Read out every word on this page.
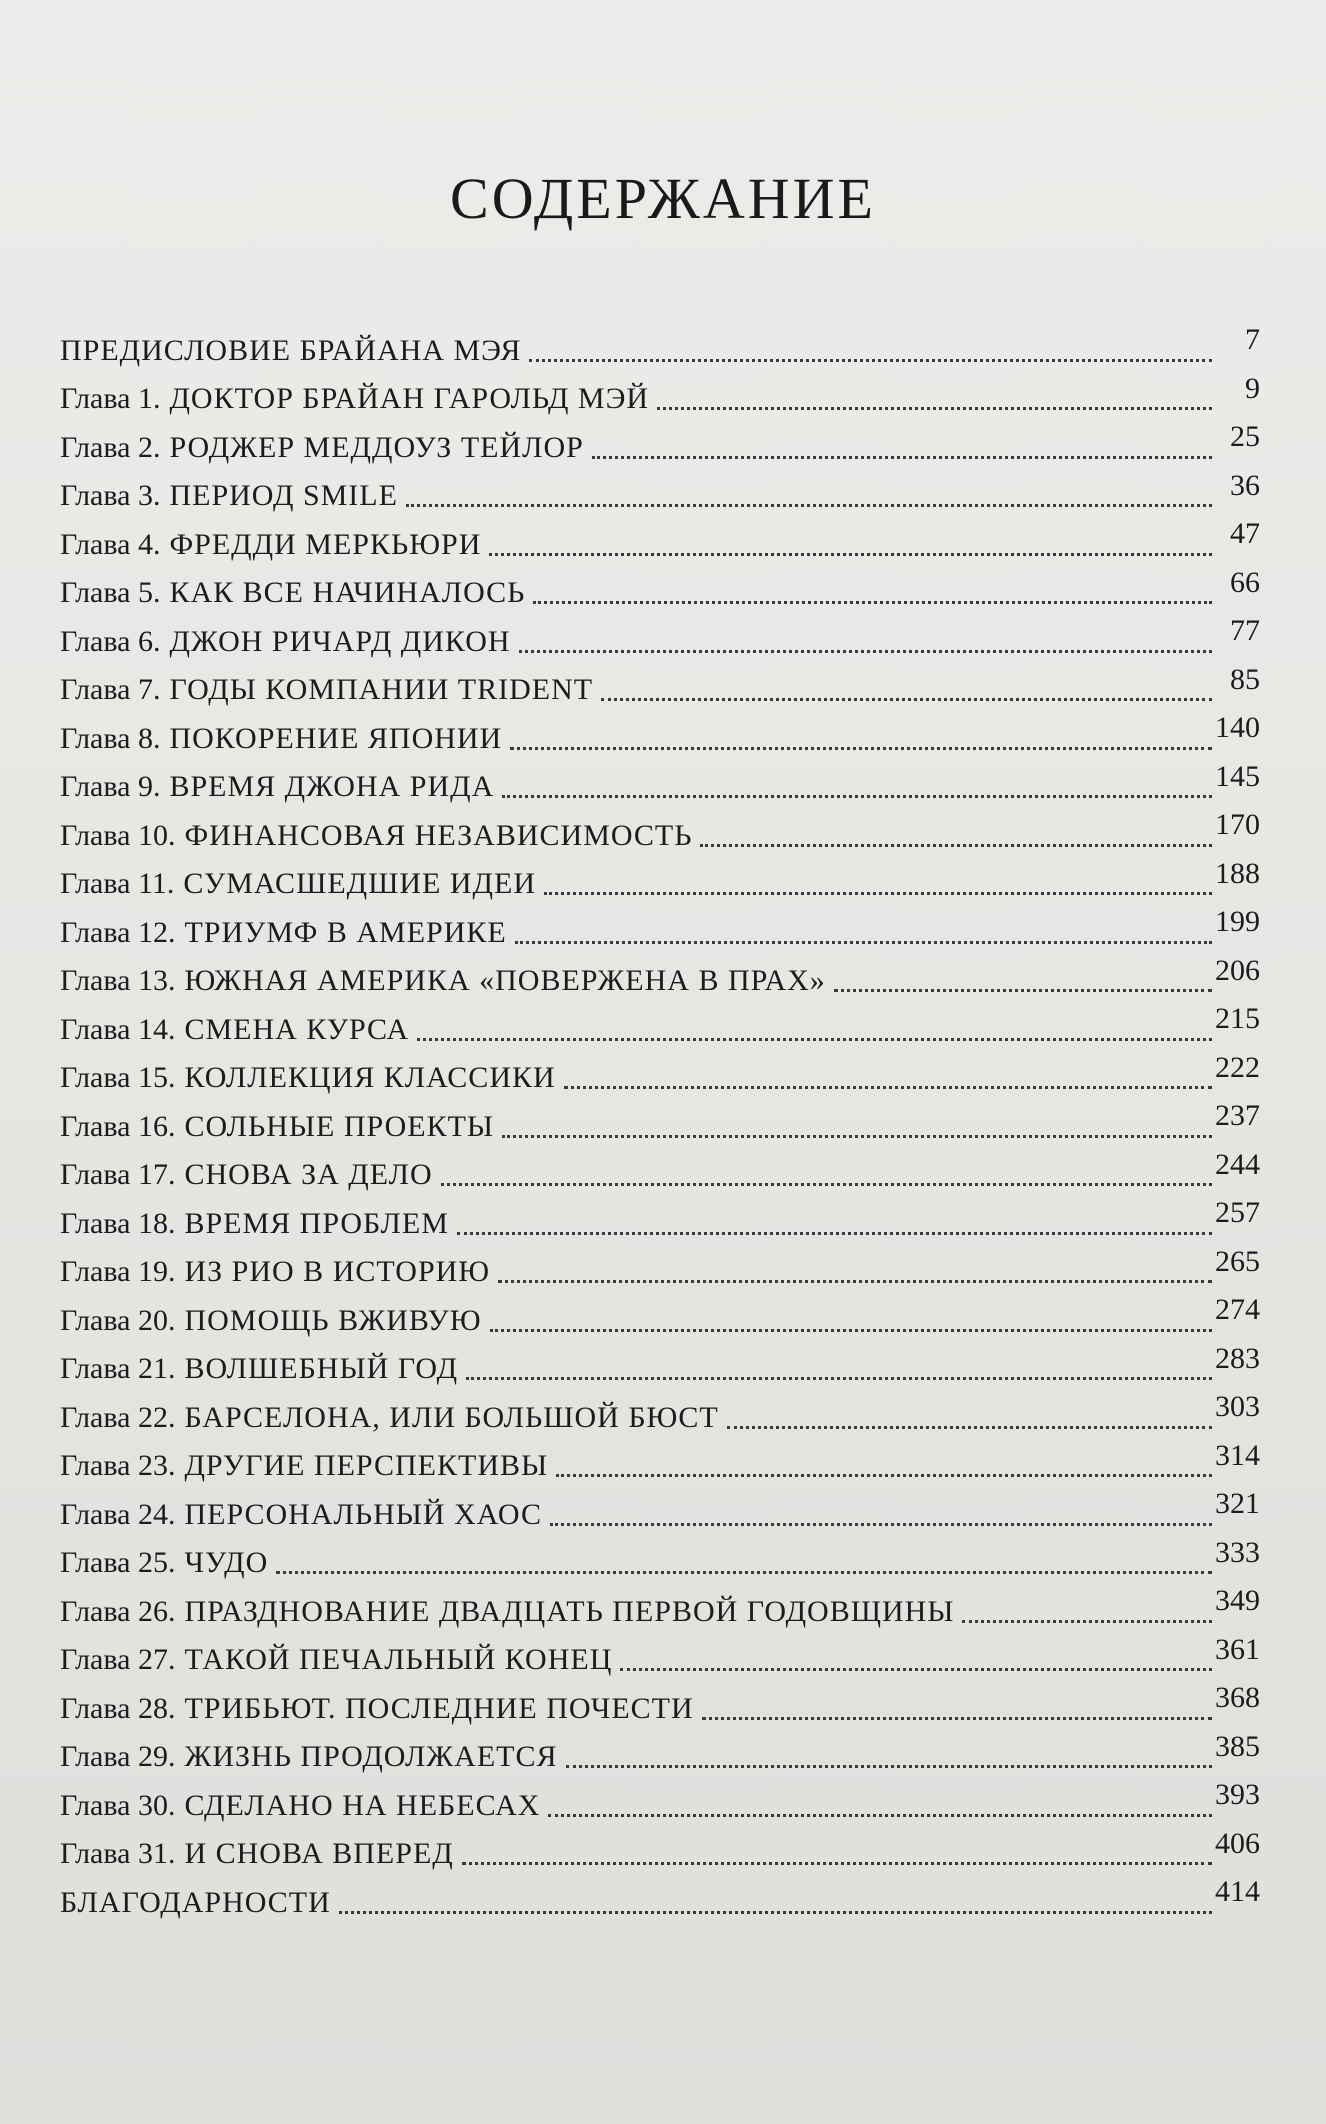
СОДЕРЖАНИЕ
ПРЕДИСЛОВИЕ БРАЙАНА МЭЯ	7
Глава 1. ДОКТОР БРАЙАН ГАРОЛЬД МЭЙ	9
Глава 2. РОДЖЕР МЕДДОУЗ ТЕЙЛОР	25
Глава 3. ПЕРИОД SMILE	36
Глава 4. ФРЕДДИ МЕРКЬЮРИ	47
Глава 5. КАК ВСЕ НАЧИНАЛОСЬ	66
Глава 6. ДЖОН РИЧАРД ДИКОН	77
Глава 7. ГОДЫ КОМПАНИИ TRIDENT	85
Глава 8. ПОКОРЕНИЕ ЯПОНИИ	140
Глава 9. ВРЕМЯ ДЖОНА РИДА	145
Глава 10. ФИНАНСОВАЯ НЕЗАВИСИМОСТЬ	170
Глава 11. СУМАСШЕДШИЕ ИДЕИ	188
Глава 12. ТРИУМФ В АМЕРИКЕ	199
Глава 13. ЮЖНАЯ АМЕРИКА «ПОВЕРЖЕНА В ПРАХ»	206
Глава 14. СМЕНА КУРСА	215
Глава 15. КОЛЛЕКЦИЯ КЛАССИКИ	222
Глава 16. СОЛЬНЫЕ ПРОЕКТЫ	237
Глава 17. СНОВА ЗА ДЕЛО	244
Глава 18. ВРЕМЯ ПРОБЛЕМ	257
Глава 19. ИЗ РИО В ИСТОРИЮ	265
Глава 20. ПОМОЩЬ ВЖИВУЮ	274
Глава 21. ВОЛШЕБНЫЙ ГОД	283
Глава 22. БАРСЕЛОНА, ИЛИ БОЛЬШОЙ БЮСТ	303
Глава 23. ДРУГИЕ ПЕРСПЕКТИВЫ	314
Глава 24. ПЕРСОНАЛЬНЫЙ ХАОС	321
Глава 25. ЧУДО	333
Глава 26. ПРАЗДНОВАНИЕ ДВАДЦАТЬ ПЕРВОЙ ГОДОВЩИНЫ	349
Глава 27. ТАКОЙ ПЕЧАЛЬНЫЙ КОНЕЦ	361
Глава 28. ТРИБЬЮТ. ПОСЛЕДНИЕ ПОЧЕСТИ	368
Глава 29. ЖИЗНЬ ПРОДОЛЖАЕТСЯ	385
Глава 30. СДЕЛАНО НА НЕБЕСАХ	393
Глава 31. И СНОВА ВПЕРЕД	406
БЛАГОДАРНОСТИ	414
